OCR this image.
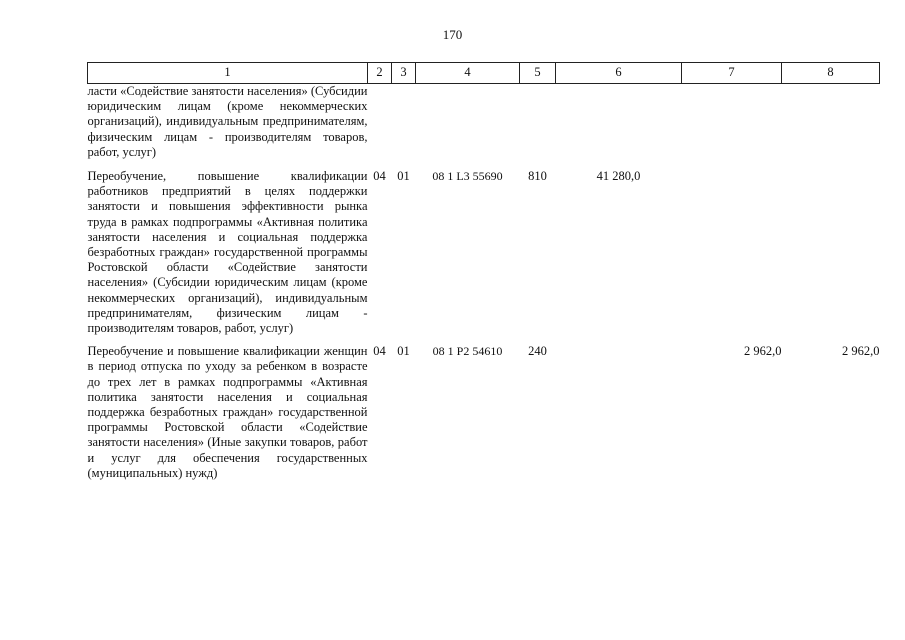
170
1	2	3	4	5	6	7	8
ласти «Содействие занятости населения» (Субсидии юридическим лицам (кроме некоммерческих организаций), индивидуальным предпринимателям, физическим лицам - производителям товаров, работ, услуг)							
Переобучение, повышение квалификации работников предприятий в целях поддержки занятости и повышения эффективности рынка труда в рамках подпрограммы «Активная политика занятости населения и социальная поддержка безработных граждан» государственной программы Ростовской области «Содействие занятости населения» (Субсидии юридическим лицам (кроме некоммерческих организаций), индивидуальным предпринимателям, физическим лицам - производителям товаров, работ, услуг)	04	01	08 1 L3 55690	810	41 280,0		
Переобучение и повышение квалификации женщин в период отпуска по уходу за ребенком в возрасте до трех лет в рамках подпрограммы «Активная политика занятости населения и социальная поддержка безработных граждан» государственной программы Ростовской области «Содействие занятости населения» (Иные закупки товаров, работ и услуг для обеспечения государственных (муниципальных) нужд)	04	01	08 1 P2 54610	240		2 962,0	2 962,0
